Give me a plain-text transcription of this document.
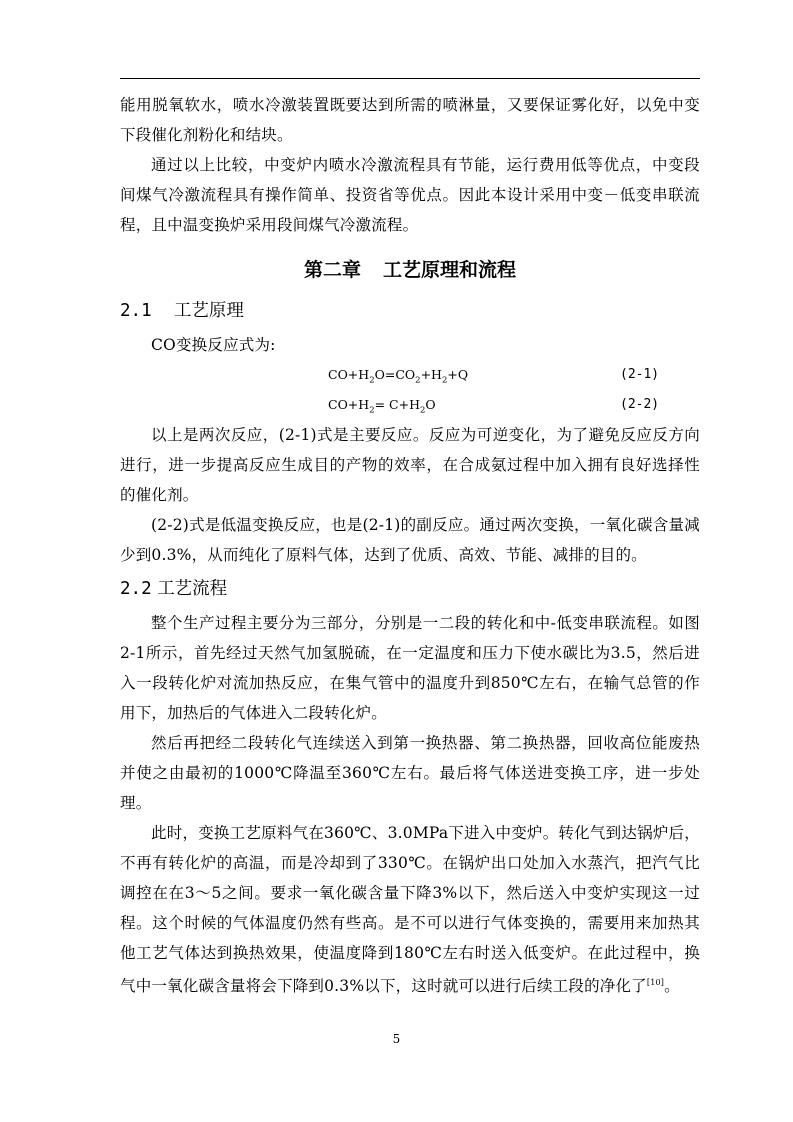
能用脱氧软水，喷水冷激装置既要达到所需的喷淋量，又要保证雾化好，以免中变下段催化剂粉化和结块。

通过以上比较，中变炉内喷水冷激流程具有节能，运行费用低等优点，中变段间煤气冷激流程具有操作简单、投资省等优点。因此本设计采用中变－低变串联流程，且中温变换炉采用段间煤气冷激流程。

第二章 工艺原理和流程
2.1 工艺原理

CO变换反应式为:

$CO+H_2O=CO_2+H_2+Q$	(2-1)
$CO+H_2= C+H_2O$	(2-2)

以上是两次反应，(2-1)式是主要反应。反应为可逆变化，为了避免反应反方向进行，进一步提高反应生成目的产物的效率，在合成氨过程中加入拥有良好选择性的催化剂。

(2-2)式是低温变换反应，也是(2-1)的副反应。通过两次变换，一氧化碳含量减少到0.3%，从而纯化了原料气体，达到了优质、高效、节能、减排的目的。

2.2 工艺流程

整个生产过程主要分为三部分，分别是一二段的转化和中-低变串联流程。如图2-1所示，首先经过天然气加氢脱硫，在一定温度和压力下使水碳比为3.5，然后进入一段转化炉对流加热反应，在集气管中的温度升到850℃左右，在输气总管的作用下，加热后的气体进入二段转化炉。

然后再把经二段转化气连续送入到第一换热器、第二换热器，回收高位能废热并使之由最初的1000℃降温至360℃左右。最后将气体送进变换工序，进一步处理。

此时，变换工艺原料气在360℃、3.0MPa下进入中变炉。转化气到达锅炉后，不再有转化炉的高温，而是冷却到了330℃。在锅炉出口处加入水蒸汽，把汽气比调控在在3～5之间。要求一氧化碳含量下降3%以下，然后送入中变炉实现这一过程。这个时候的气体温度仍然有些高。是不可以进行气体变换的，需要用来加热其他工艺气体达到换热效果，使温度降到180℃左右时送入低变炉。在此过程中，换气中一氧化碳含量将会下降到0.3%以下，这时就可以进行后续工段的净化了[10]。

5
